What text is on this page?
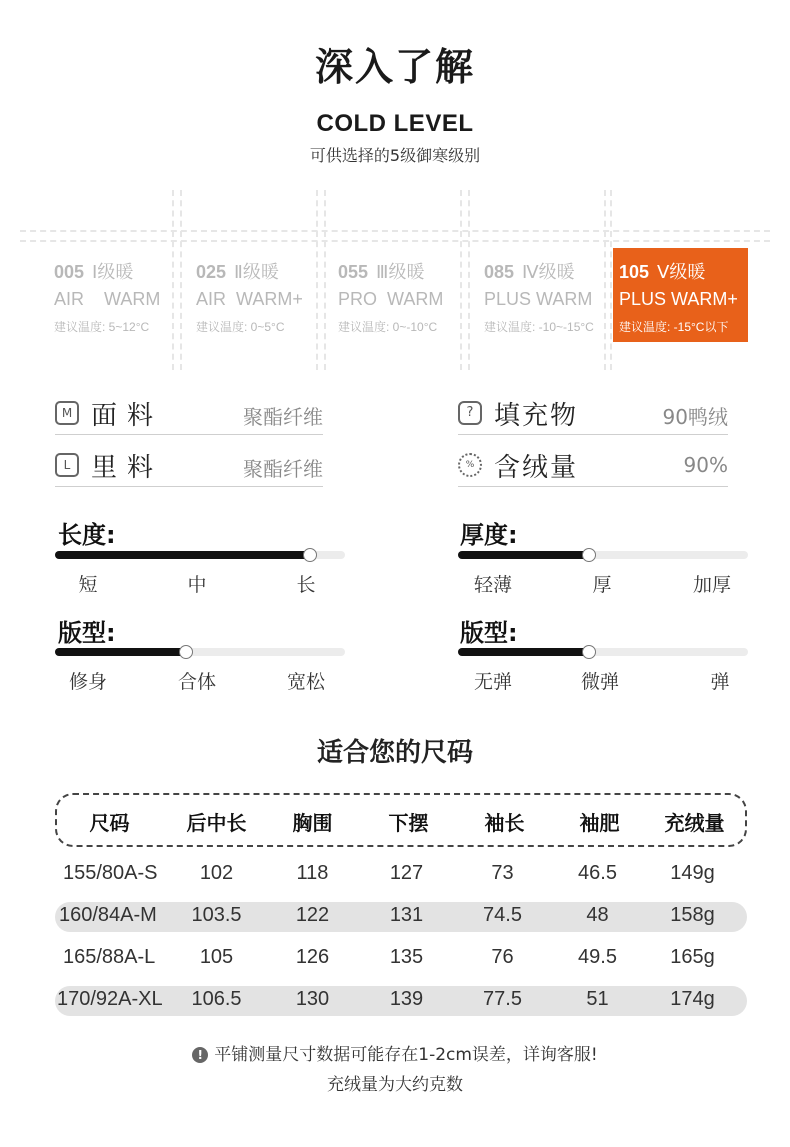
深入了解
COLD LEVEL
可供选择的5级御寒级别
005 Ⅰ级暖
AIR    WARM
建议温度: 5~12°C
025 Ⅱ级暖
AIR  WARM+
建议温度: 0~5°C
055 Ⅲ级暖
PRO  WARM
建议温度: 0~-10°C
085 Ⅳ级暖
PLUS WARM
建议温度: -10~-15°C
105 Ⅴ级暖
PLUS WARM+
建议温度: -15°C以下
M 面料	聚酯纤维
L 里料	聚酯纤维
? 填充物	90鸭绒
% 含绒量	90%
长度:
短	中	长
厚度:
轻薄	厚	加厚
版型:
修身	合体	宽松
版型:
无弹	微弹	弹
适合您的尺码
尺码	后中长	胸围	下摆	袖长	袖肥	充绒量
155/80A-S	102	118	127	73	46.5	149g
160/84A-M	103.5	122	131	74.5	48	158g
165/88A-L	105	126	135	76	49.5	165g
170/92A-XL	106.5	130	139	77.5	51	174g
! 平铺测量尺寸数据可能存在1-2cm误差，详询客服!
充绒量为大约克数
